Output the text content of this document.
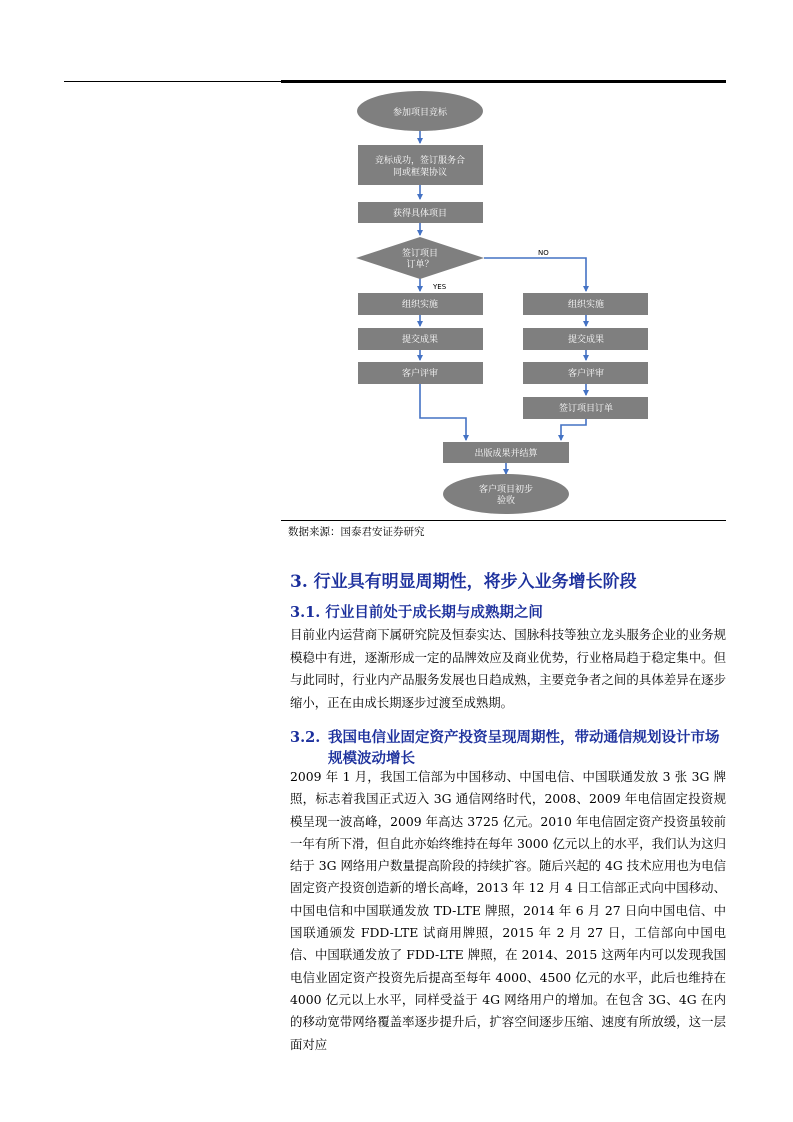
YES
NO
参加项目竞标
竞标成功，签订服务合
同或框架协议
获得具体项目
签订项目
订单？
组织实施
提交成果
客户评审
组织实施
提交成果
客户评审
签订项目订单
出版成果并结算
客户项目初步
验收
数据来源：国泰君安证券研究
3. 行业具有明显周期性，将步入业务增长阶段
3.1. 行业目前处于成长期与成熟期之间
目前业内运营商下属研究院及恒泰实达、国脉科技等独立龙头服务企业的业务规模稳中有进，逐渐形成一定的品牌效应及商业优势，行业格局趋于稳定集中。但与此同时，行业内产品服务发展也日趋成熟，主要竞争者之间的具体差异在逐步缩小，正在由成长期逐步过渡至成熟期。
3.2. 我国电信业固定资产投资呈现周期性，带动通信规划设计市场规模波动增长
2009 年 1 月，我国工信部为中国移动、中国电信、中国联通发放 3 张 3G 牌照，标志着我国正式迈入 3G 通信网络时代，2008、2009 年电信固定投资规模呈现一波高峰，2009 年高达 3725 亿元。2010 年电信固定资产投资虽较前一年有所下滑，但自此亦始终维持在每年 3000 亿元以上的水平，我们认为这归结于 3G 网络用户数量提高阶段的持续扩容。随后兴起的 4G 技术应用也为电信固定资产投资创造新的增长高峰，2013 年 12 月 4 日工信部正式向中国移动、中国电信和中国联通发放 TD-LTE 牌照，2014 年 6 月 27 日向中国电信、中国联通颁发 FDD-LTE 试商用牌照，2015 年 2 月 27 日，工信部向中国电信、中国联通发放了 FDD-LTE 牌照，在 2014、2015 这两年内可以发现我国电信业固定资产投资先后提高至每年 4000、4500 亿元的水平，此后也维持在 4000 亿元以上水平，同样受益于 4G 网络用户的增加。在包含 3G、4G 在内的移动宽带网络覆盖率逐步提升后，扩容空间逐步压缩、速度有所放缓，这一层面对应
